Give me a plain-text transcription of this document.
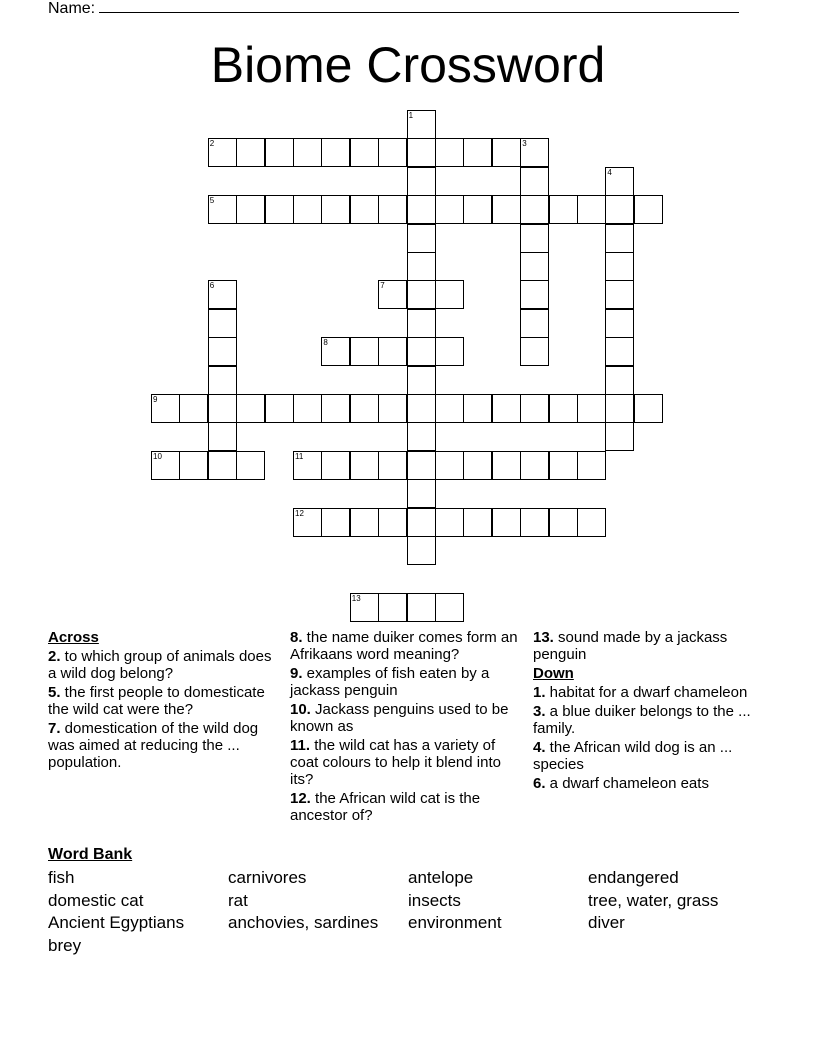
Name:
Biome Crossword
1
2	3
4
5
6	7
8
9
10	11
12
13
Across

2. to which group of animals does a wild dog belong?

5. the first people to domesticate the wild cat were the?

7. domestication of the wild dog was aimed at reducing the ... population.

8. the name duiker comes form an Afrikaans word meaning?

9. examples of fish eaten by a jackass penguin

10. Jackass penguins used to be known as

11. the wild cat has a variety of coat colours to help it blend into its?

12. the African wild cat is the ancestor of?

13. sound made by a jackass penguin

Down

1. habitat for a dwarf chameleon

3. a blue duiker belongs to the ... family.

4. the African wild dog is an ... species

6. a dwarf chameleon eats

Word Bank
fish	carnivores	antelope	endangered
domestic cat	rat	insects	tree, water, grass
Ancient Egyptians	anchovies, sardines	environment	diver
brey
